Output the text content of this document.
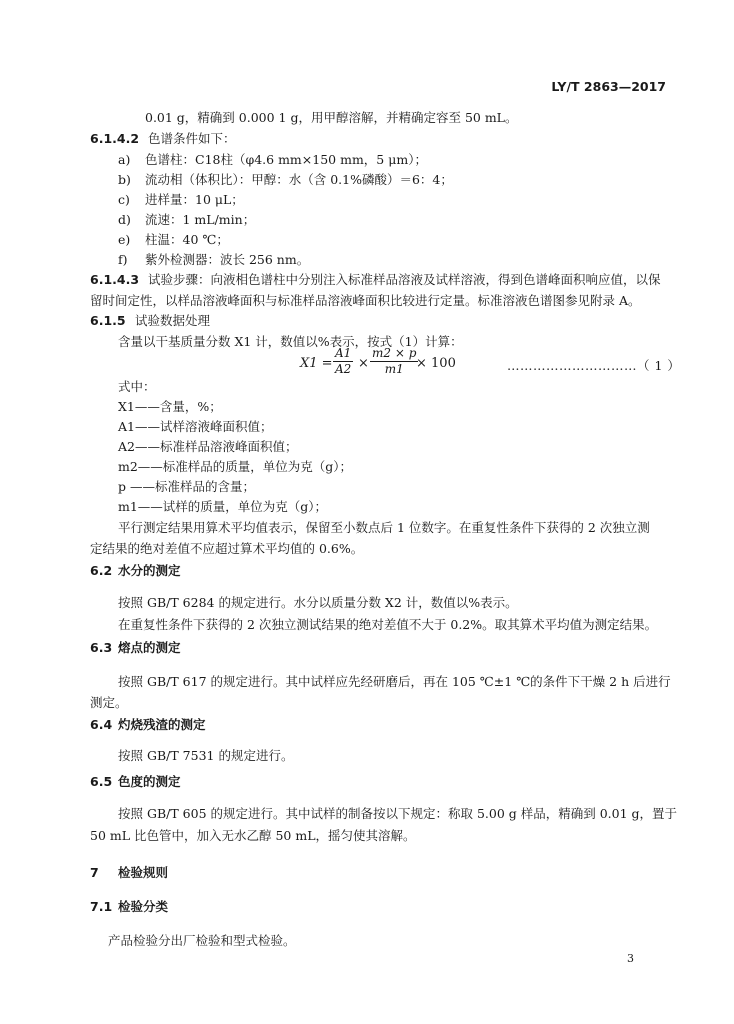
LY/T 2863—2017
0.01 g，精确到 0.000 1 g，用甲醇溶解，并精确定容至 50 mL。
6.1.4.2 色谱条件如下：
a) 色谱柱：C18柱（φ4.6 mm×150 mm，5 μm）；
b) 流动相（体积比）：甲醇：水（含 0.1%磷酸）＝6：4；
c) 进样量：10 μL；
d) 流速：1 mL/min；
e) 柱温：40 ℃；
f) 紫外检测器：波长 256 nm。
6.1.4.3 试验步骤：向液相色谱柱中分别注入标准样品溶液及试样溶液，得到色谱峰面积响应值，以保
留时间定性，以样品溶液峰面积与标准样品溶液峰面积比较进行定量。标准溶液色谱图参见附录 A。
6.1.5 试验数据处理
含量以干基质量分数 X1 计，数值以%表示，按式（1）计算：
$X1 = \frac{A1}{A2} \times \frac{m2 \times p}{m1}$
× 100	…………………………（ 1 ）
式中：
X1——含量，%；
A1——试样溶液峰面积值；
A2——标准样品溶液峰面积值；
m2——标准样品的质量，单位为克（g）；
p ——标准样品的含量；
m1——试样的质量，单位为克（g）；
平行测定结果用算术平均值表示，保留至小数点后 1 位数字。在重复性条件下获得的 2 次独立测
定结果的绝对差值不应超过算术平均值的 0.6%。
6.2 水分的测定
按照 GB/T 6284 的规定进行。水分以质量分数 X2 计，数值以%表示。
在重复性条件下获得的 2 次独立测试结果的绝对差值不大于 0.2%。取其算术平均值为测定结果。
6.3 熔点的测定
按照 GB/T 617 的规定进行。其中试样应先经研磨后，再在 105 ℃±1 ℃的条件下干燥 2 h 后进行
测定。
6.4 灼烧残渣的测定
按照 GB/T 7531 的规定进行。
6.5 色度的测定
按照 GB/T 605 的规定进行。其中试样的制备按以下规定：称取 5.00 g 样品，精确到 0.01 g，置于
50 mL 比色管中，加入无水乙醇 50 mL，摇匀使其溶解。
7 检验规则
7.1 检验分类
产品检验分出厂检验和型式检验。
3
